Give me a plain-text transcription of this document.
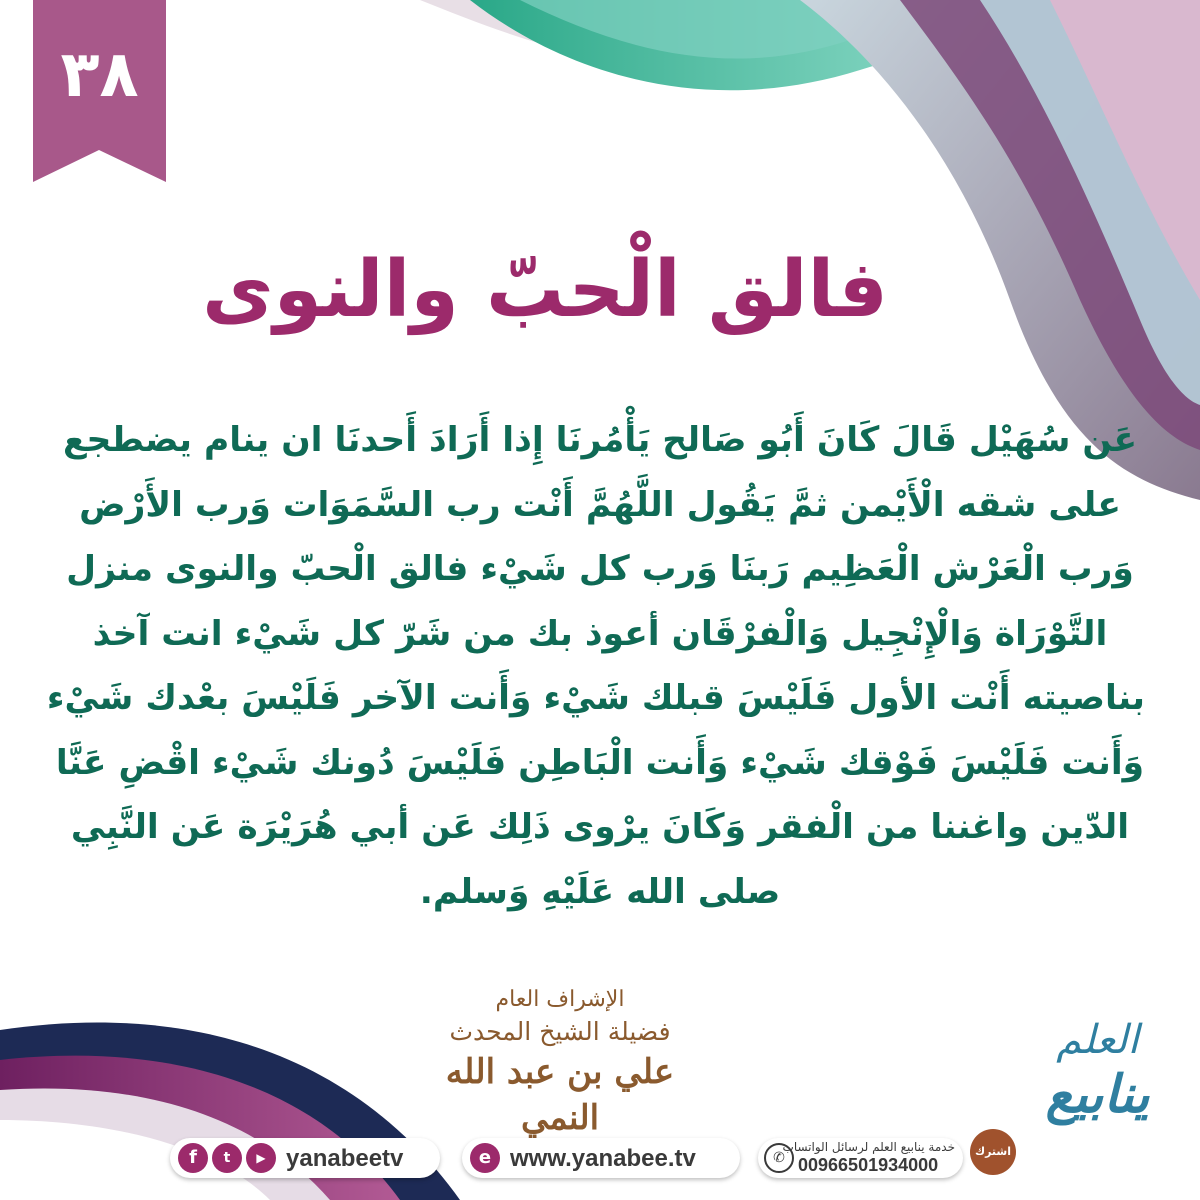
٣٨
فالق الْحبّ والنوى
عَن سُهَيْل قَالَ كَانَ أَبُو صَالح يَأْمُرنَا إِذا أَرَادَ أَحدنَا ان ينام يضطجع
على شقه الْأَيْمن ثمَّ يَقُول اللَّهُمَّ أَنْت رب السَّمَوَات وَرب الأَرْض
وَرب الْعَرْش الْعَظِيم رَبنَا وَرب كل شَيْء فالق الْحبّ والنوى منزل
التَّوْرَاة وَالْإِنْجِيل وَالْفرْقَان أعوذ بك من شَرّ كل شَيْء انت آخذ
بناصيته أَنْت الأول فَلَيْسَ قبلك شَيْء وَأَنت الآخر فَلَيْسَ بعْدك شَيْء
وَأَنت فَلَيْسَ فَوْقك شَيْء وَأَنت الْبَاطِن فَلَيْسَ دُونك شَيْء اقْضِ عَنَّا
الدّين واغننا من الْفقر وَكَانَ يرْوى ذَلِك عَن أبي هُرَيْرَة عَن النَّبِي
صلى الله عَلَيْهِ وَسلم.
الإشراف العام
فضيلة الشيخ المحدث
علي بن عبد الله النمي
العلم
ينابيع
f	t	▶ yanabeetv	e www.yanabee.tv	✆
خدمة ينابيع العلم لرسائل الواتساب
00966501934000
اشترك
